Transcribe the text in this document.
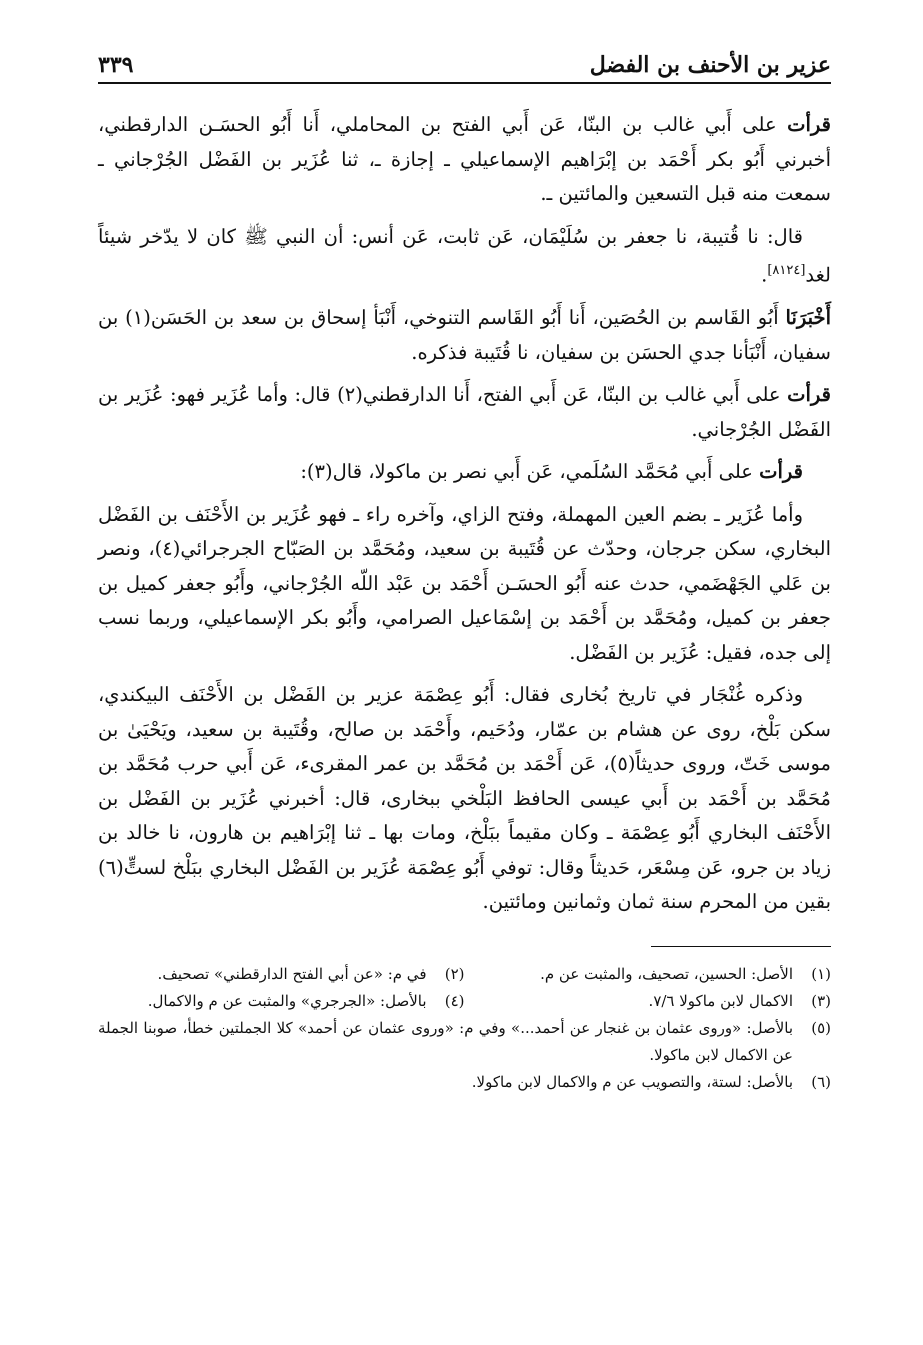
عزير بن الأحنف بن الفضل
٣٣٩

قرأت على أَبي غالب بن البنّا، عَن أَبي الفتح بن المحاملي، أَنا أَبُو الحسَـن الدارقطني، أخبرني أَبُو بكر أَحْمَد بن إبْرَاهيم الإسماعيلي ـ إجازة ـ، ثنا عُزَير بن الفَضْل الجُرْجاني ـ سمعت منه قبل التسعين والمائتين ـ.

قال: نا قُتيبة، نا جعفر بن سُلَيْمَان، عَن ثابت، عَن أنس: أن النبي ﷺ كان لا يدّخر شيئاً لغد[٨١٢٤].

أَخْبَرَنَا أَبُو القَاسم بن الحُصَين، أَنا أَبُو القَاسم التنوخي، أَنْبَأ إسحاق بن سعد بن الحَسَن(١) بن سفيان، أَنْبَأنا جدي الحسَن بن سفيان، نا قُتَيبة فذكره.

قرأت على أَبي غالب بن البنّا، عَن أَبي الفتح، أَنا الدارقطني(٢) قال: وأما عُزَير فهو: عُزَير بن الفَضْل الجُرْجاني.

قرأت على أَبي مُحَمَّد السُلَمي، عَن أَبي نصر بن ماكولا، قال(٣):

وأما عُزَير ـ بضم العين المهملة، وفتح الزاي، وآخره راء ـ فهو عُزَير بن الأَحْنَف بن الفَضْل البخاري، سكن جرجان، وحدّث عن قُتَيبة بن سعيد، ومُحَمَّد بن الصَبّاح الجرجرائي(٤)، ونصر بن عَلي الجَهْضَمي، حدث عنه أَبُو الحسَـن أَحْمَد بن عَبْد اللّه الجُرْجاني، وأَبُو جعفر كميل بن جعفر بن كميل، ومُحَمَّد بن أَحْمَد بن إسْمَاعيل الصرامي، وأَبُو بكر الإسماعيلي، وربما نسب إلى جده، فقيل: عُزَير بن الفَضْل.

وذكره غُنْجَار في تاريخ بُخارى فقال: أَبُو عِصْمَة عزير بن الفَضْل بن الأَحْنَف البيكندي، سكن بَلْخ، روى عن هشام بن عمّار، ودُحَيم، وأَحْمَد بن صالح، وقُتَيبة بن سعيد، ويَحْيَىٰ بن موسى خَتّ، وروى حديثاً(٥)، عَن أَحْمَد بن مُحَمَّد بن عمر المقرىء، عَن أَبي حرب مُحَمَّد بن مُحَمَّد بن أَحْمَد بن أَبي عيسى الحافظ البَلْخي ببخارى، قال: أخبرني عُزَير بن الفَضْل بن الأَحْنَف البخاري أَبُو عِصْمَة ـ وكان مقيماً ببَلْخ، ومات بها ـ ثنا إبْرَاهيم بن هارون، نا خالد بن زياد بن جرو، عَن مِسْعَر، حَديثاً وقال: توفي أَبُو عِصْمَة عُزَير بن الفَضْل البخاري ببَلْخ لستٍّ(٦) بقين من المحرم سنة ثمان وثمانين ومائتين.

(١)
الأصل: الحسين، تصحيف، والمثبت عن م.
(٢)
في م: «عن أبي الفتح الدارقطني» تصحيف.
(٣)
الاكمال لابن ماكولا ٧/٦.
(٤)
بالأصل: «الجرجري» والمثبت عن م والاكمال.
(٥)
بالأصل: «وروى عثمان بن غنجار عن أحمد...» وفي م: «وروى عثمان عن أحمد» كلا الجملتين خطأ، صوبنا الجملة عن الاكمال لابن ماكولا.
(٦)
بالأصل: لستة، والتصويب عن م والاكمال لابن ماكولا.
